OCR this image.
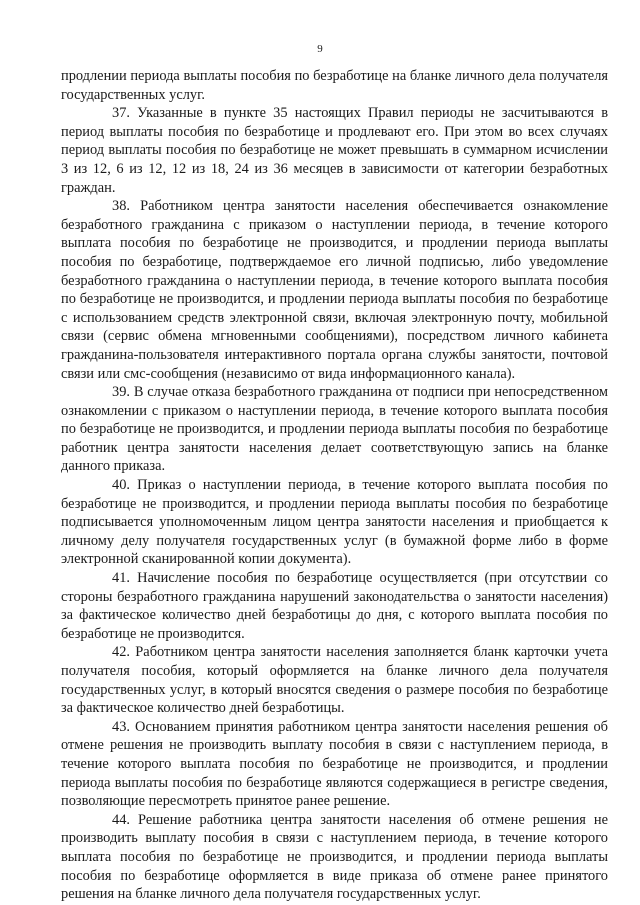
9

продлении периода выплаты пособия по безработице на бланке личного дела получателя государственных услуг.

37. Указанные в пункте 35 настоящих Правил периоды не засчитываются в период выплаты пособия по безработице и продлевают его. При этом во всех случаях период выплаты пособия по безработице не может превышать в суммарном исчислении 3 из 12, 6 из 12, 12 из 18, 24 из 36 месяцев в зависимости от категории безработных граждан.

38. Работником центра занятости населения обеспечивается ознакомление безработного гражданина с приказом о наступлении периода, в течение которого выплата пособия по безработице не производится, и продлении периода выплаты пособия по безработице, подтверждаемое его личной подписью, либо уведомление безработного гражданина о наступлении периода, в течение которого выплата пособия по безработице не производится, и продлении периода выплаты пособия по безработице с использованием средств электронной связи, включая электронную почту, мобильной связи (сервис обмена мгновенными сообщениями), посредством личного кабинета гражданина-пользователя интерактивного портала органа службы занятости, почтовой связи или смс-сообщения (независимо от вида информационного канала).

39. В случае отказа безработного гражданина от подписи при непосредственном ознакомлении с приказом о наступлении периода, в течение которого выплата пособия по безработице не производится, и продлении периода выплаты пособия по безработице работник центра занятости населения делает соответствующую запись на бланке данного приказа.

40. Приказ о наступлении периода, в течение которого выплата пособия по безработице не производится, и продлении периода выплаты пособия по безработице подписывается уполномоченным лицом центра занятости населения и приобщается к личному делу получателя государственных услуг (в бумажной форме либо в форме электронной сканированной копии документа).

41. Начисление пособия по безработице осуществляется (при отсутствии со стороны безработного гражданина нарушений законодательства о занятости населения) за фактическое количество дней безработицы до дня, с которого выплата пособия по безработице не производится.

42. Работником центра занятости населения заполняется бланк карточки учета получателя пособия, который оформляется на бланке личного дела получателя государственных услуг, в который вносятся сведения о размере пособия по безработице за фактическое количество дней безработицы.

43. Основанием принятия работником центра занятости населения решения об отмене решения не производить выплату пособия в связи с наступлением периода, в течение которого выплата пособия по безработице не производится, и продлении периода выплаты пособия по безработице являются содержащиеся в регистре сведения, позволяющие пересмотреть принятое ранее решение.

44. Решение работника центра занятости населения об отмене решения не производить выплату пособия в связи с наступлением периода, в течение которого выплата пособия по безработице не производится, и продлении периода выплаты пособия по безработице оформляется в виде приказа об отмене ранее принятого решения на бланке личного дела получателя государственных услуг.
